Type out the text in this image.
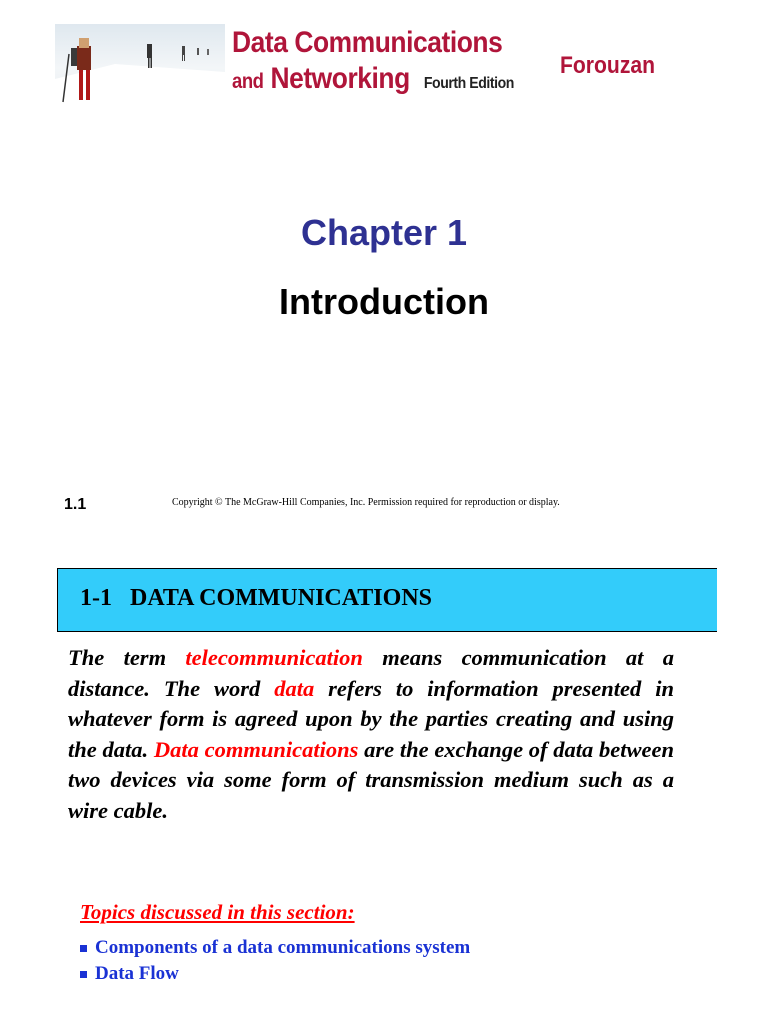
Data Communications
and Networking Fourth Edition
Forouzan
Chapter 1
Introduction
1.1	Copyright © The McGraw-Hill Companies, Inc. Permission required for reproduction or display.
1-1   DATA COMMUNICATIONS
The term telecommunication means communication at a distance. The word data refers to information presented in whatever form is agreed upon by the parties creating and using the data. Data communications are the exchange of data between two devices via some form of transmission medium such as a wire cable.
Topics discussed in this section:
Components of a data communications system
Data Flow
